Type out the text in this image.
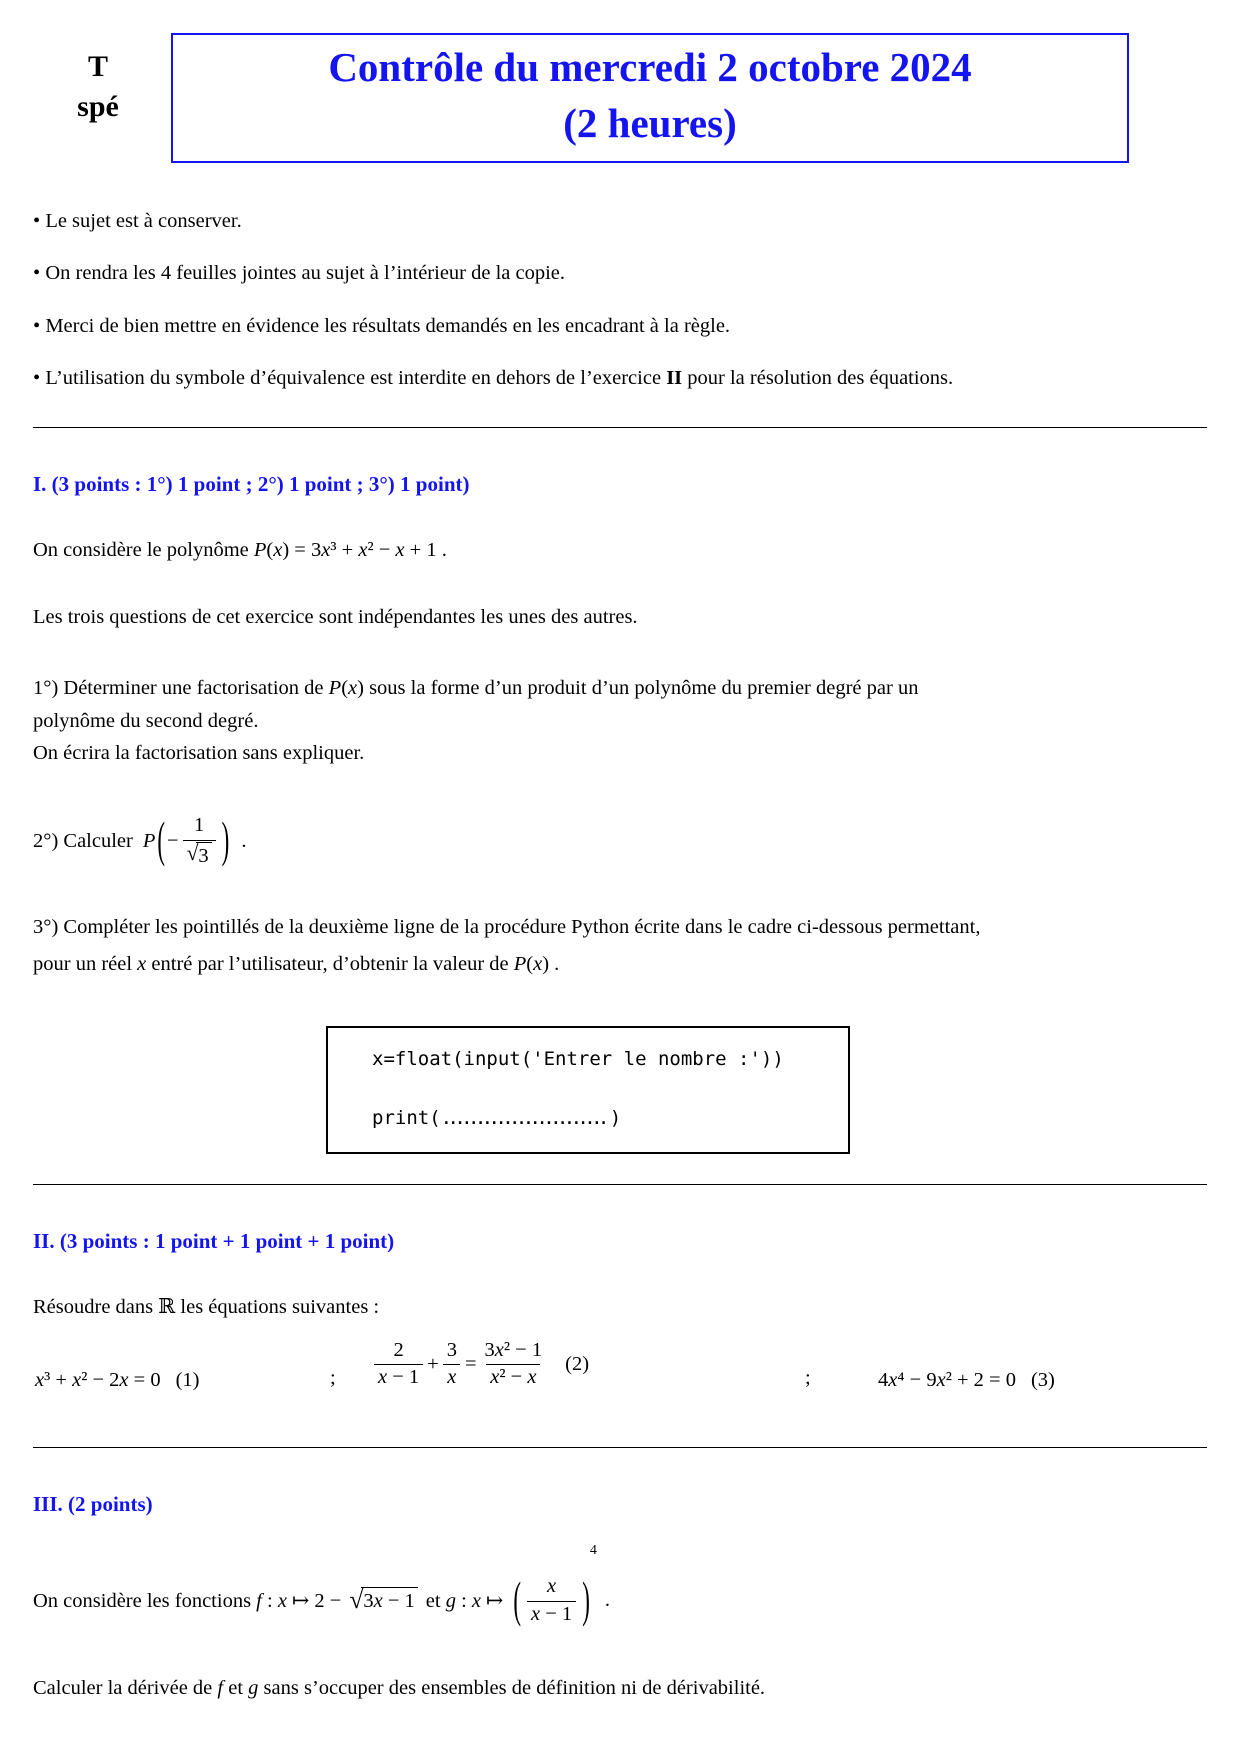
T
spé
Contrôle du mercredi 2 octobre 2024
(2 heures)
• Le sujet est à conserver.
• On rendra les 4 feuilles jointes au sujet à l’intérieur de la copie.
• Merci de bien mettre en évidence les résultats demandés en les encadrant à la règle.
• L’utilisation du symbole d’équivalence est interdite en dehors de l’exercice II pour la résolution des équations.
I. (3 points : 1°) 1 point ; 2°) 1 point ; 3°) 1 point)
On considère le polynôme P(x) = 3x³ + x² − x + 1 .
Les trois questions de cet exercice sont indépendantes les unes des autres.
1°) Déterminer une factorisation de P(x) sous la forme d’un produit d’un polynôme du premier degré par un
polynôme du second degré.
On écrira la factorisation sans expliquer.
2°) Calculer P ( − $\frac{1}{√ 3}$ ) .
3°) Compléter les pointillés de la deuxième ligne de la procédure Python écrite dans le cadre ci-dessous permettant,
pour un réel x entré par l’utilisateur, d’obtenir la valeur de P(x) .
x=float(input('Entrer le nombre :'))
print(........................ )
II. (3 points : 1 point + 1 point + 1 point)
Résoudre dans ℝ les équations suivantes :
x³ + x² − 2x = 0 (1)	; $\frac{2}{x - 1} + \frac{3}{x} = \frac{\text{3x² − 1}}{\text{x² − x}} (2)$
;	4x⁴ − 9x² + 2 = 0 (3)
III. (2 points)
On considère les fonctions f : x ↦ 2 − √ 3x − 1 et g : x ↦ ( $\frac{x}{x - 1}$ )
4
.
Calculer la dérivée de f et g sans s’occuper des ensembles de définition ni de dérivabilité.
